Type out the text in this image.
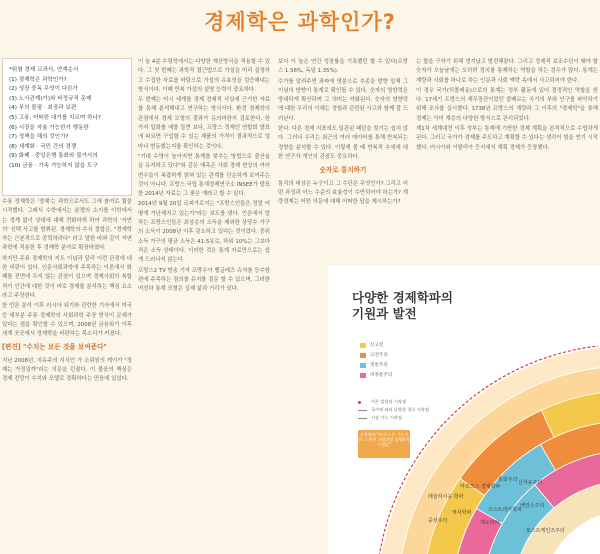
경제학은 과학인가?
*위험 경제 교과서, 연재순서
(1) 경제학은 과학인가?
(2) 성장 중독 무엇이 다른가
(3) 노사관계(가)와 비정규직 문제
(4) 부의 불평 · 최장과 보편
(5) 고용, 어떠한 대가를 치르며 하나?
(6) 시장을 자율 가능한가 행동한
(7) 정책을 해의 것인가?
(8) 세계화 · 국민 간의 경쟁
(9) 화폐 · 중앙은행 통화와 불가사의
(10) 금융 · 가속 가능하지 않을 도구

수용 경제학은 '경제'는 과학으로서도 그에 참여로 휩쓸 시작했다. 그래서 수학에서는 분쟁의 소지를 이학에서는 경계 없이 상대에 대해 전화하게 하여 과학의 '자연의' 선택 사고를 발휘된. 경제학의 수식 결합은, "경제학자는 근본적으로 중력하려다" 라고 말한 바와 같이 자연과학에 적용한 후 경제학 분야로 확장하였다.

하지만 주류 경제학의 지도 이념과 달리 이런 관점에 대한 비판이 있다. 인문사회과학에 주목하는 이론에서 화폐를 전면에 두지 않는 관점이 있으며 경제사회의 복합적이 인간에 대한 것이 바로 경제를 분석하는 핵심 요소라고 주장한다.

한 언론 분석 이후 러시아 위기와 관련한 기사에서 미국 등 대부분 주류 경제학의 사회과학 주장 방식이 문제가 있다는 점을 확인할 수 있으며, 2008년 금융위기 이후 세계 곳곳에서 경제학을 비판하는 목소리가 커졌다.

[편견] "수치는 보든 것을 보여준다"

지난 2008년, 지유주의 지식인 가 소위원의 게이가 "경제는 가정일까"라는 의문을 던졌다. 이 물음의 핵심은 경제 전망이 수치와 모델로 정확하다는 믿음에 있었다.

이 늘 4분 수렴학에서는 다양한 계산방식을 적용할 수 있다. 그 첫 번째는 과학적 접근법으로 가설을 미리 설정하고 수집한 자료를 바탕으로 가설의 유효성을 검증해내는 방식이다. 이때 반복 가설의 설명 능력이 중요하다.

두 번째는 미시 세계를 경제 경제적 사실에 근거한 자료를 통해 분석해내고 연구하는 방식이다. 환경 경제학의 관점에서 경제 모형의 결과가 유의미한지 검토한다. 한 가지 일화를 예를 들면 보다, 프랑스 경제인 연합회 발표에 따르면 구입할 수 있는 제품의 가격이 결과적으로 얼마나 변동했는지를 확인하는 것이다.

"기대 수명이 높아지면 통계를 맞추는 방법으로 출산율을 유지하고 있다"와 같은 예측은 사회 경제 현상의 여러 변수들이 복잡하게 얽혀 있는 관계를 단순하게 보여주는 것이 아니다. 프랑스 국립 통계경제연구소 INSEE가 발표한 2014년 자료는 그 좋은 예라고 할 수 있다.

2014년 9월 20일 르피가로지는 "프랑스인들은 정말 어떻게 가난해지고 있는가"라는 보도를 냈다. 언론에서 말하는 프랑스인들은 최상층의 소득을 제외한 상당수 가구의 소득이 2008년 이후 감소하고 있다는 것이었다. 중위 소득 가구의 평균 소득은 41.5유로, 하위 10%는 그보다 적은 소득 상태이다. 이러한 것은 통계 자료만으로는 쉽게 드러나지 않는다.

프랑스2 TV 방송 기자 프랑수아 벨글레즈 슈자를 등수함편에 주목하는 점의를 유지를 질문 할 수 있으며, 그러한 여전하 통계 모형은 실제 삶과 거리가 있다.

보다 이 높은 연간 성장률을 기록했던 할 수 있다(프랑스 1.56%, 독일 1.35%).

수가를 알려주면 좌파에 명분으로 추종을 발향 일체 그 이념의 방향이 통계로 확인될 수 있다. 숫자의 영향력은 방대하게 확산되며 그 의미는 약화된다. 숫자의 영향력에 대한 우리의 이해는 경험과 관련된 사고와 함께 잘 드러난다.

한다. 다른 경제 지표에도 일관된 패턴을 찾기는 쉽지 않다. 그러나 우리는 최근의 여러 데이터를 통해 반복되는 경향을 분석할 수 있다. 이렇게 볼 때 반복적 추세에 대한 연구자 개인의 관점도 중요하다.

숫자로 통치하기

통치의 대상은 누구이고 그 수단은 무엇인가? 그리고 어떤 과정과 어느 수준의 효율성이 수반되어야 하는가? 계량경제는 어떤 의문에 대해 어떠한 답을 제시하는가?

는 합을 구하기 위해 생겨났고 발전해왔다. 그리고 경제적 보조수단이 돼야 할 숫자가 오늘날에는 오히려 정치를 통제하는 역할을 하는 경우가 많다. 통계는 계량과 사회를 하나로 하는 인문과 사회 맥락 속에서 사고되어야 한다.

이 경우 국가(히폴레옹)으로의 통계는 정부 활동에 있어 결정적인 역할을 한다. 17세기 프랑스의 재무장관이었던 콜베르는 국가의 부와 인구를 파악하기 위해 조사를 실시했다. 1738년 프랑스의 계량과 그 이후의 "경제학"을 통해 경제는 이미 계층의 다양한 방식으로 관리되었다.

제1차 세계대전 이후 정부는 통계에 기반한 경제 계획을 본격적으로 수립하게 된다. 그러고 국가가 경제를 주도하고 계획할 수 있다는 생각이 힘을 얻기 시작했다. 러시아와 이탈리아 등지에서 계획 경제가 등장했다.

신자유주의
케인스주의
포스트케인즈주의
통화주의
오스트리아학파
마르크스 경제학파
제도학파
역사학파
레귤라시옹 학파
중상주의
다양한 경제학파의
기원과 발전
신고전
고전주의
정통주의
비정통주의
이론 발달의 시작점
국가에 따라 다양한 경로 시작점
시장 가능 시작점
고전학과 "토지·노동 가능성과 그 원전 국립과정 경제학자 수정들"
